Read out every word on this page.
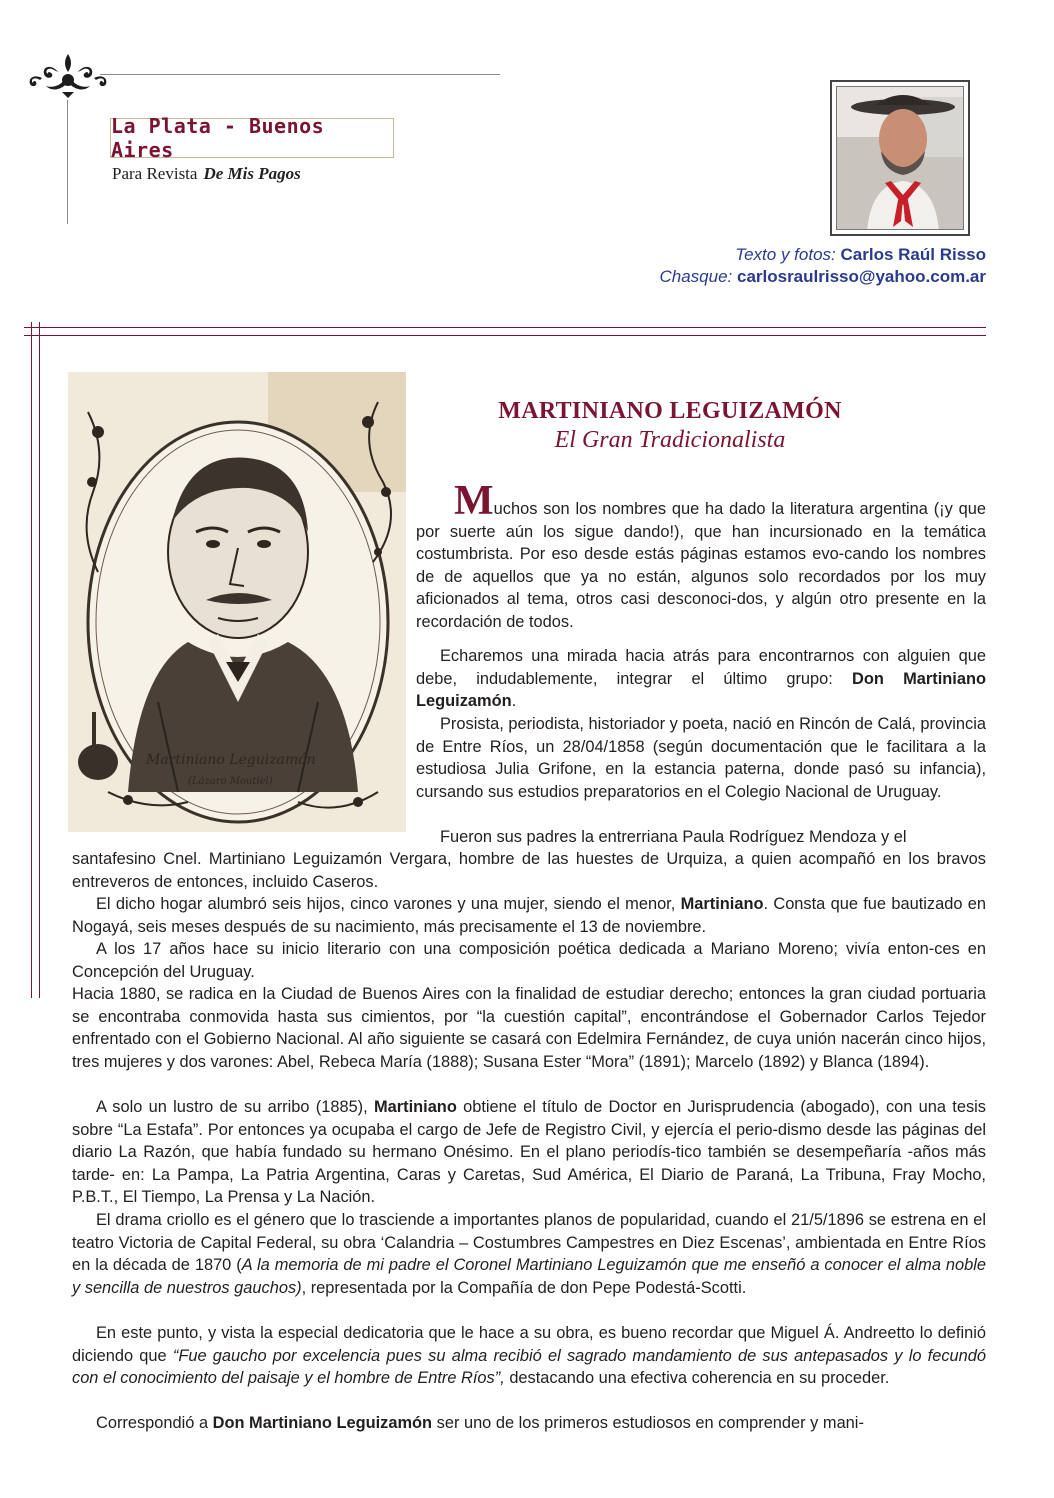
La Plata - Buenos Aires
Para Revista De Mis Pagos
Texto y fotos: Carlos Raúl Risso
Chasque: carlosraulrisso@yahoo.com.ar
Martiniano Leguizamón
(Lázaro Moutiel)
MARTINIANO LEGUIZAMÓN
El Gran Tradicionalista
Muchos son los nombres que ha dado la literatura argentina (¡y que por suerte aún los sigue dando!), que han incursionado en la temática costumbrista. Por eso desde estás páginas estamos evo-cando los nombres de de aquellos que ya no están, algunos solo recordados por los muy aficionados al tema, otros casi desconoci-dos, y algún otro presente en la recordación de todos.
Echaremos una mirada hacia atrás para encontrarnos con alguien que debe, indudablemente, integrar el último grupo: Don Martiniano Leguizamón.
Prosista, periodista, historiador y poeta, nació en Rincón de Calá, provincia de Entre Ríos, un 28/04/1858 (según documentación que le facilitara a la estudiosa Julia Grifone, en la estancia paterna, donde pasó su infancia), cursando sus estudios preparatorios en el Colegio Nacional de Uruguay.
Fueron sus padres la entrerriana Paula Rodríguez Mendoza y el
santafesino Cnel. Martiniano Leguizamón Vergara, hombre de las huestes de Urquiza, a quien acompañó en los bravos entreveros de entonces, incluido Caseros.
El dicho hogar alumbró seis hijos, cinco varones y una mujer, siendo el menor, Martiniano. Consta que fue bautizado en Nogayá, seis meses después de su nacimiento, más precisamente el 13 de noviembre.
A los 17 años hace su inicio literario con una composición poética dedicada a Mariano Moreno; vivía enton-ces en Concepción del Uruguay.
Hacia 1880, se radica en la Ciudad de Buenos Aires con la finalidad de estudiar derecho; entonces la gran ciudad portuaria se encontraba conmovida hasta sus cimientos, por “la cuestión capital”, encontrándose el Gobernador Carlos Tejedor enfrentado con el Gobierno Nacional. Al año siguiente se casará con Edelmira Fernández, de cuya unión nacerán cinco hijos, tres mujeres y dos varones: Abel, Rebeca María (1888); Susana Ester “Mora” (1891); Marcelo (1892) y Blanca (1894).
A solo un lustro de su arribo (1885), Martiniano obtiene el título de Doctor en Jurisprudencia (abogado), con una tesis sobre “La Estafa”. Por entonces ya ocupaba el cargo de Jefe de Registro Civil, y ejercía el perio-dismo desde las páginas del diario La Razón, que había fundado su hermano Onésimo. En el plano periodís-tico también se desempeñaría -años más tarde- en: La Pampa, La Patria Argentina, Caras y Caretas, Sud América, El Diario de Paraná, La Tribuna, Fray Mocho, P.B.T., El Tiempo, La Prensa y La Nación.
El drama criollo es el género que lo trasciende a importantes planos de popularidad, cuando el 21/5/1896 se estrena en el teatro Victoria de Capital Federal, su obra ‘Calandria – Costumbres Campestres en Diez Escenas’, ambientada en Entre Ríos en la década de 1870 (A la memoria de mi padre el Coronel Martiniano Leguizamón que me enseñó a conocer el alma noble y sencilla de nuestros gauchos), representada por la Compañía de don Pepe Podestá-Scotti.
En este punto, y vista la especial dedicatoria que le hace a su obra, es bueno recordar que Miguel Á. Andreetto lo definió diciendo que “Fue gaucho por excelencia pues su alma recibió el sagrado mandamiento de sus antepasados y lo fecundó con el conocimiento del paisaje y el hombre de Entre Ríos”, destacando una efectiva coherencia en su proceder.
Correspondió a Don Martiniano Leguizamón ser uno de los primeros estudiosos en comprender y mani-
